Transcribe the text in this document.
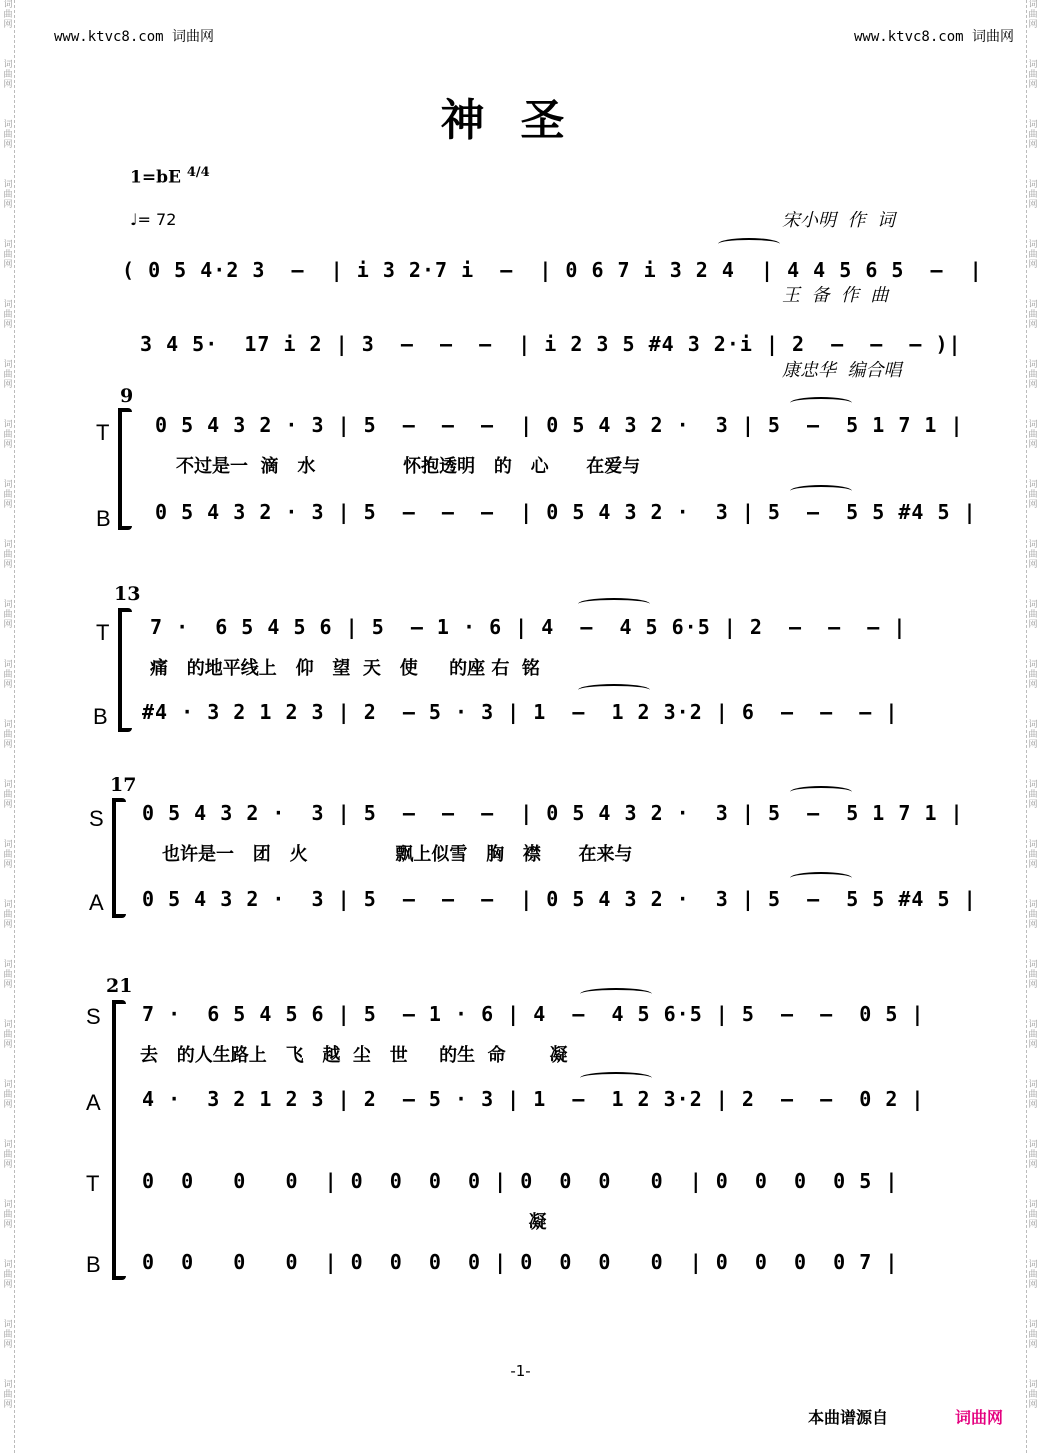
词
曲
网
词
曲
网
词
曲
网
词
曲
网
词
曲
网
词
曲
网
词
曲
网
词
曲
网
词
曲
网
词
曲
网
词
曲
网
词
曲
网
词
曲
网
词
曲
网
词
曲
网
词
曲
网
词
曲
网
词
曲
网
词
曲
网
词
曲
网
词
曲
网
词
曲
网
词
曲
网
词
曲
网
词
曲
网
词
曲
网
词
曲
网
词
曲
网
词
曲
网
词
曲
网
词
曲
网
词
曲
网
词
曲
网
词
曲
网
词
曲
网
词
曲
网
词
曲
网
词
曲
网
词
曲
网
词
曲
网
词
曲
网
词
曲
网
词
曲
网
词
曲
网
词
曲
网
词
曲
网
词
曲
网
词
曲
网
www.ktvc8.com 词曲网	www.ktvc8.com 词曲网
神圣
1=bE $^{4/4}$
♩= 72

	宋小明  作  词

王  备  作  曲

康忠华  编合唱

( 0 5 4·2 3  –  | i 3 2·7 i  –  | 0 6 7 i 3 2 4  | 4 4 5 6 5  –  |
3 4 5·  17 i 2 | 3  –  –  –  | i 2 3 5 #4 3 2·i | 2  –  –  – )|
9
T 0 5 4 3 2 · 3 | 5  –  –  –  | 0 5 4 3 2 ·  3 | 5  –  5 1 7 1 |
不过是一  滴   水              怀抱透明   的   心      在爱与
B 0 5 4 3 2 · 3 | 5  –  –  –  | 0 5 4 3 2 ·  3 | 5  –  5 5 #4 5 |
13
T 7 ·  6 5 4 5 6 | 5  – 1 · 6 | 4  –  4 5 6·5 | 2  –  –  – |
痛   的地平线上   仰   望  天   使     的座 右  铭
B #4 · 3 2 1 2 3 | 2  – 5 · 3 | 1  –  1 2 3·2 | 6  –  –  – |
17
S 0 5 4 3 2 ·  3 | 5  –  –  –  | 0 5 4 3 2 ·  3 | 5  –  5 1 7 1 |
也许是一   团   火              飘上似雪   胸   襟      在来与
A 0 5 4 3 2 ·  3 | 5  –  –  –  | 0 5 4 3 2 ·  3 | 5  –  5 5 #4 5 |
21
S 7 ·  6 5 4 5 6 | 5  – 1 · 6 | 4  –  4 5 6·5 | 5  –  –  0 5 |
去   的人生路上   飞   越  尘   世     的生  命       凝
A 4 ·  3 2 1 2 3 | 2  – 5 · 3 | 1  –  1 2 3·2 | 2  –  –  0 2 |
T 0  0   0   0  | 0  0  0  0 | 0  0  0   0  | 0  0  0  0 5 |
凝
B 0  0   0   0  | 0  0  0  0 | 0  0  0   0  | 0  0  0  0 7 |
-1-
本曲谱源自	词曲网
